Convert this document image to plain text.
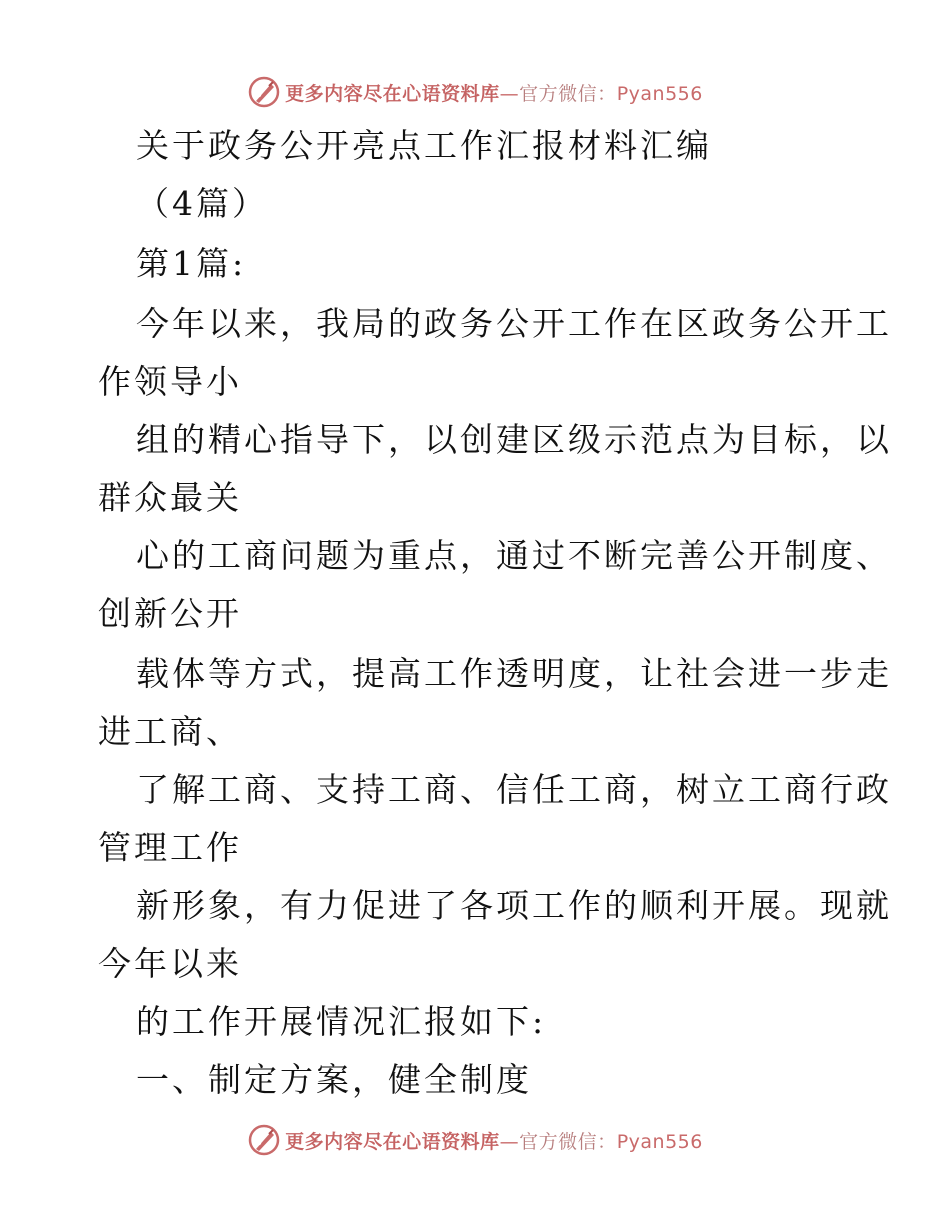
更多内容尽在心语资料库—官方微信：Pyan556
关于政务公开亮点工作汇报材料汇编
（4篇）
第1篇:
今年以来，我局的政务公开工作在区政务公开工
作领导小
组的精心指导下，以创建区级示范点为目标，以
群众最关
心的工商问题为重点，通过不断完善公开制度、
创新公开
载体等方式，提高工作透明度，让社会进一步走
进工商、
了解工商、支持工商、信任工商，树立工商行政
管理工作
新形象，有力促进了各项工作的顺利开展。现就
今年以来
的工作开展情况汇报如下:
一、制定方案，健全制度
更多内容尽在心语资料库—官方微信：Pyan556
